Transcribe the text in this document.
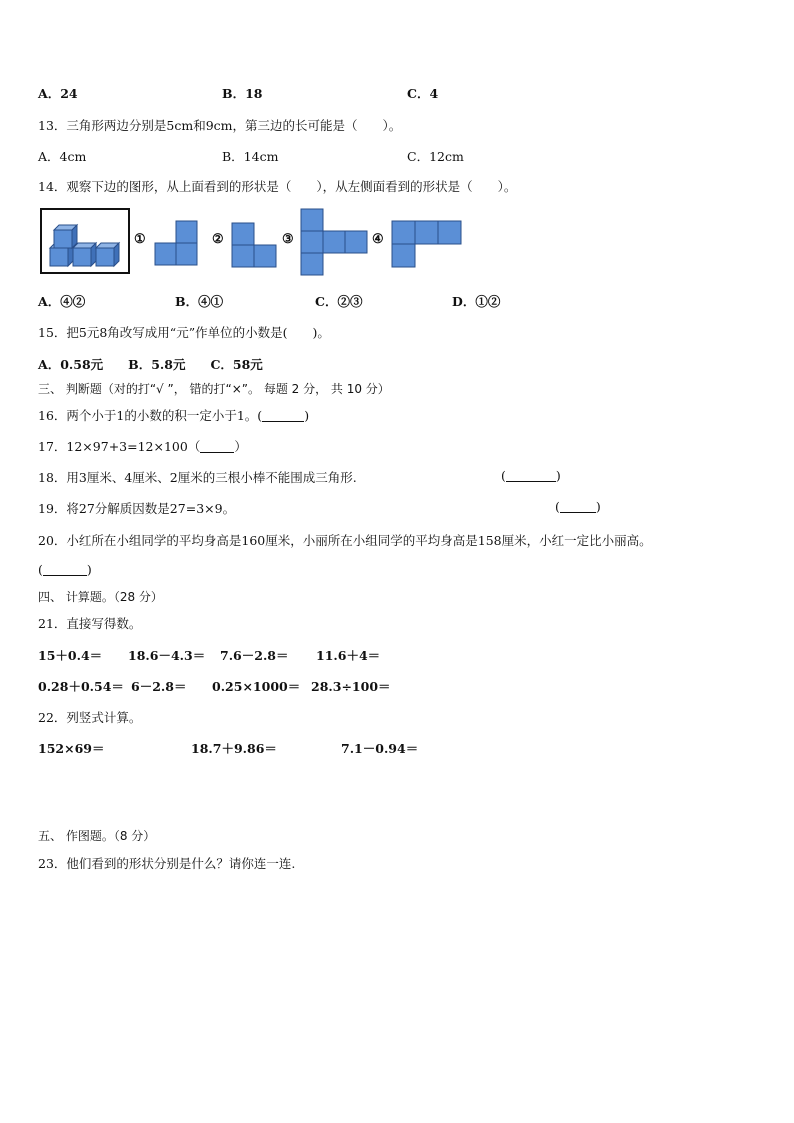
A．24	B．18	C．4
13．三角形两边分别是5cm和9cm，第三边的长可能是（　　）。
A．4cm	B．14cm	C．12cm
14．观察下边的图形，从上面看到的形状是（　　），从左侧面看到的形状是（　　）。
①	②	③	④
A．④②	B．④①	C．②③	D．①②
15．把5元8角改写成用“元”作单位的小数是(　　)。
A．0.58元　　B．5.8元　　C．58元
三、 判断题（对的打“√ ”， 错的打“×”。 每题 2 分， 共 10 分）
16．两个小于1的小数的积一定小于1。(	)
17．12×97+3=12×100（	）
18．用3厘米、4厘米、2厘米的三根小棒不能围成三角形.	(	)
19．将27分解质因数是27=3×9。	(	)
20．小红所在小组同学的平均身高是160厘米，小丽所在小组同学的平均身高是158厘米，小红一定比小丽高。
(	)
四、 计算题。（28 分）
21．直接写得数。
15＋0.4＝ 18.6－4.3＝ 7.6－2.8＝ 11.6＋4＝
0.28＋0.54＝ 6－2.8＝ 0.25×1000＝ 28.3÷100＝
22．列竖式计算。
152×69＝	18.7＋9.86＝	7.1－0.94＝
五、 作图题。（8 分）
23．他们看到的形状分别是什么？请你连一连.
